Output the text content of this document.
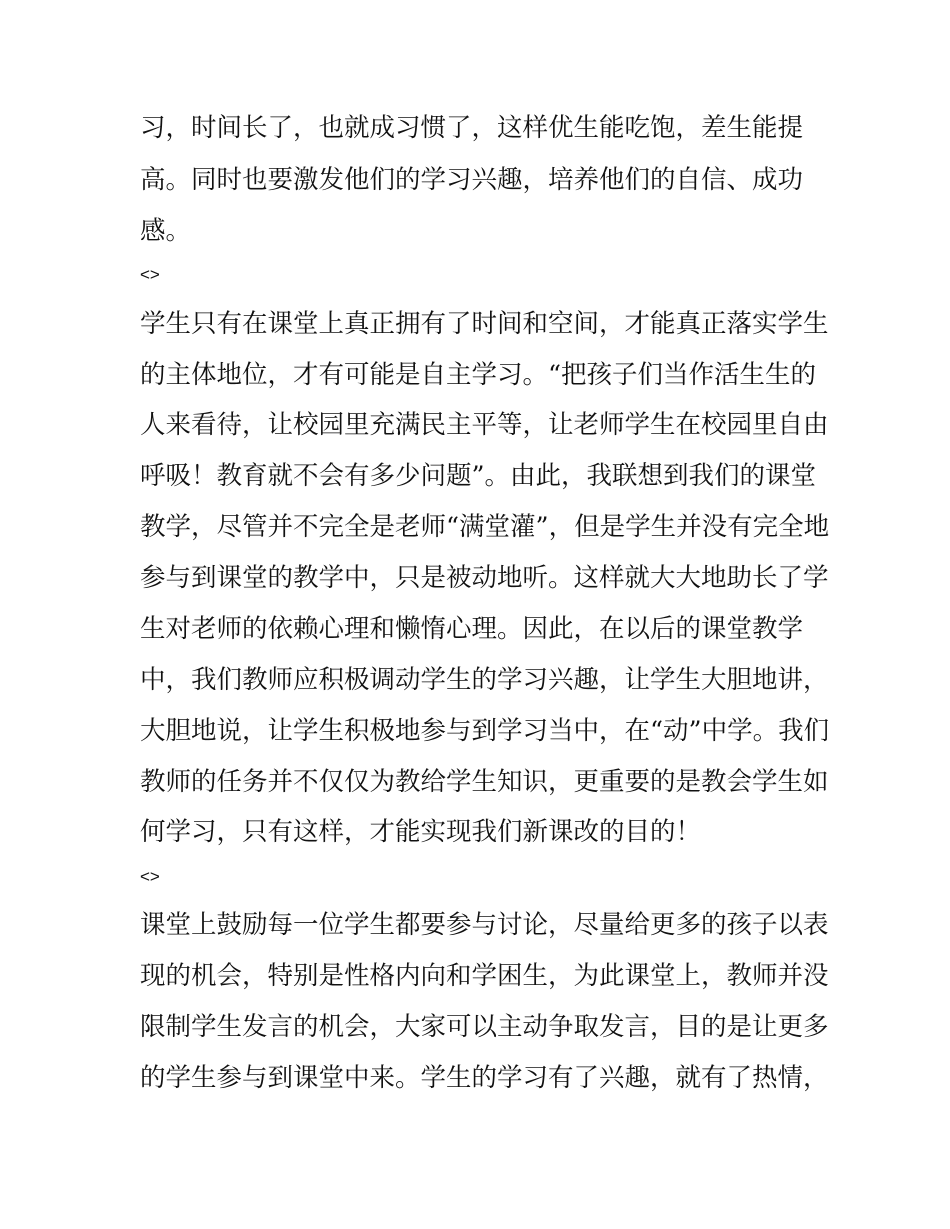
习，时间长了，也就成习惯了，这样优生能吃饱，差生能提
高。同时也要激发他们的学习兴趣，培养他们的自信、成功
感。
<>
学生只有在课堂上真正拥有了时间和空间，才能真正落实学生
的主体地位，才有可能是自主学习。“把孩子们当作活生生的
人来看待，让校园里充满民主平等，让老师学生在校园里自由
呼吸！教育就不会有多少问题”。由此，我联想到我们的课堂
教学，尽管并不完全是老师“满堂灌”，但是学生并没有完全地
参与到课堂的教学中，只是被动地听。这样就大大地助长了学
生对老师的依赖心理和懒惰心理。因此，在以后的课堂教学
中，我们教师应积极调动学生的学习兴趣，让学生大胆地讲，
大胆地说，让学生积极地参与到学习当中，在“动”中学。我们
教师的任务并不仅仅为教给学生知识，更重要的是教会学生如
何学习，只有这样，才能实现我们新课改的目的！
<>
课堂上鼓励每一位学生都要参与讨论，尽量给更多的孩子以表
现的机会，特别是性格内向和学困生，为此课堂上，教师并没
限制学生发言的机会，大家可以主动争取发言，目的是让更多
的学生参与到课堂中来。学生的学习有了兴趣，就有了热情，
